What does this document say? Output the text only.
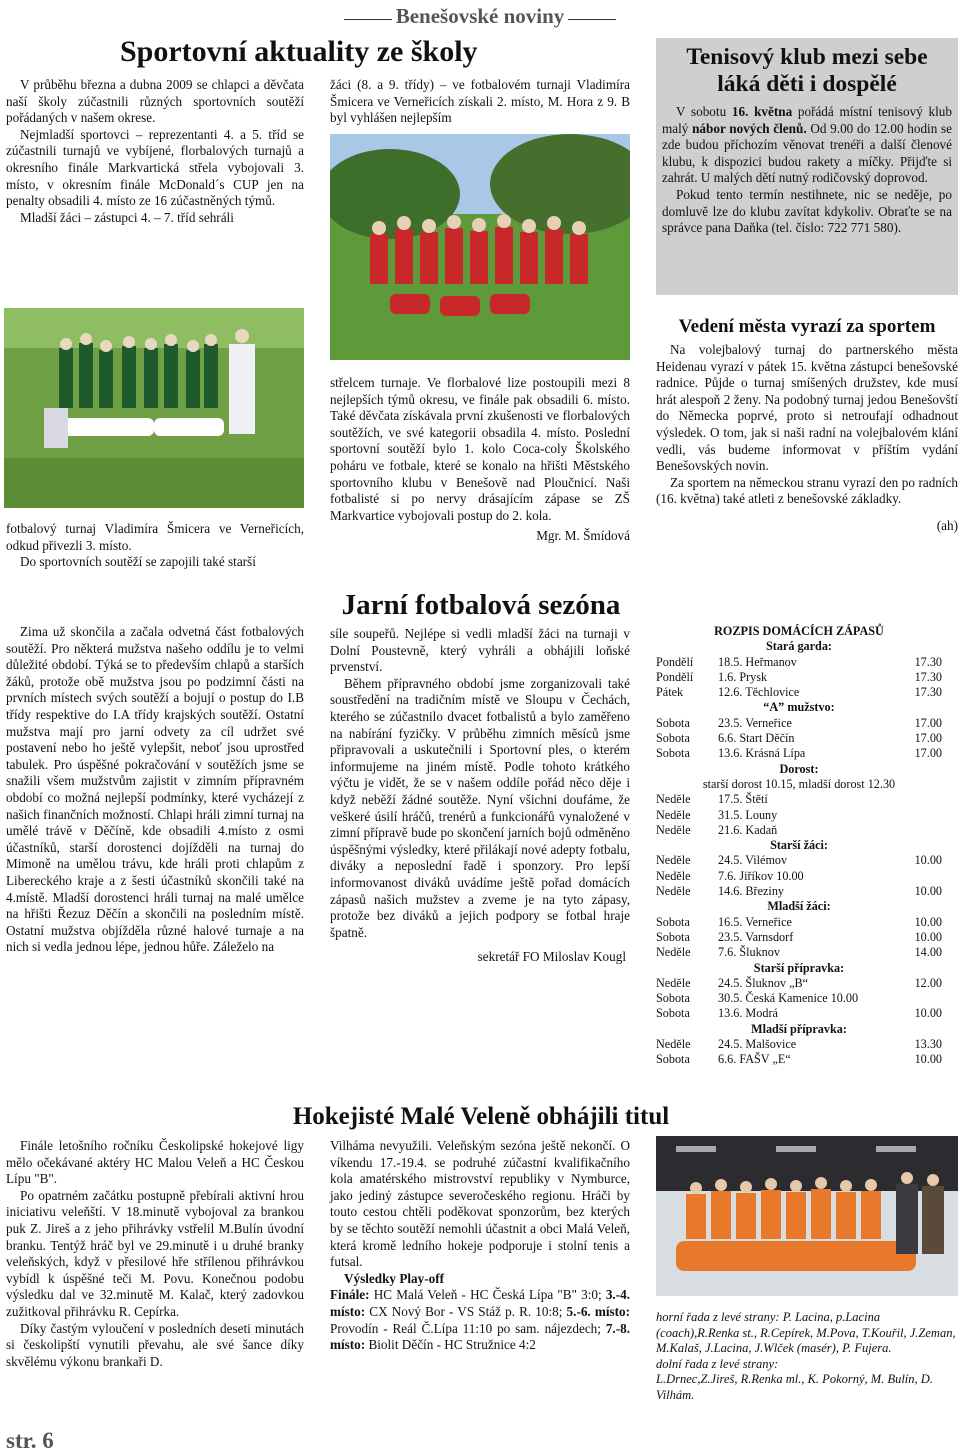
Benešovské noviny
Sportovní aktuality ze školy

V průběhu března a dubna 2009 se chlapci a děvčata naší školy zúčastnili různých sportovních soutěží pořádaných v našem okrese.

Nejmladší sportovci – reprezentanti 4. a 5. tříd se zúčastnili turnajů ve vybíjené, florbalových turnajů a okresního finále Markvartická střela vybojovali 3. místo, v okresním finále McDonald´s CUP jen na penalty obsadili 4. místo ze 16 zúčastněných týmů.

Mladší žáci – zástupci 4. – 7. tříd sehráli

fotbalový turnaj Vladimíra Šmicera ve Verneřicích, odkud přivezli 3. místo.

Do sportovních soutěží se zapojili také starší

žáci (8. a 9. třídy) – ve fotbalovém turnaji Vladimíra Šmicera ve Verneřicích získali 2. místo, M. Hora z 9. B byl vyhlášen nejlepším

střelcem turnaje. Ve florbalové lize postoupili mezi 8 nejlepších týmů okresu, ve finále pak obsadili 6. místo. Také děvčata získávala první zkušenosti ve florbalových soutěžích, ve své kategorii obsadila 4. místo. Poslední sportovní soutěží bylo 1. kolo Coca-coly Školského poháru ve fotbale, které se konalo na hřišti Městského sportovního klubu v Benešově nad Ploučnicí. Naši fotbalisté si po nervy drásajícím zápase se ZŠ Markvartice vybojovali postup do 2. kola.

Mgr. M. Šmídová

Tenisový klub mezi sebe láká děti i dospělé

V sobotu 16. května pořádá místní tenisový klub malý nábor nových členů. Od 9.00 do 12.00 hodin se zde budou příchozím věnovat trenéři a další členové klubu, k dispozici budou rakety a míčky. Přijďte si zahrát. U malých dětí nutný rodičovský doprovod.

Pokud tento termín nestihnete, nic se neděje, po domluvě lze do klubu zavítat kdykoliv. Obraťte se na správce pana Daňka (tel. číslo: 722 771 580).

Vedení města vyrazí za sportem

Na volejbalový turnaj do partnerského města Heidenau vyrazí v pátek 15. května zástupci benešovské radnice. Půjde o turnaj smíšených družstev, kde musí hrát alespoň 2 ženy. Na podobný turnaj jedou Benešovští do Německa poprvé, proto si netroufají odhadnout výsledek. O tom, jak si naši radní na volejbalovém klání vedli, vás budeme informovat v příštím vydání Benešovských novin.

Za sportem na německou stranu vyrazí den po radních (16. května) také atleti z benešovské základky.

(ah)

Jarní fotbalová sezóna

Zima už skončila a začala odvetná část fotbalových soutěží. Pro některá mužstva našeho oddílu je to velmi důležité období. Týká se to především chlapů a starších žáků, protože obě mužstva jsou po podzimní části na prvních místech svých soutěží a bojují o postup do I.B třídy respektive do I.A třídy krajských soutěží. Ostatní mužstva mají pro jarní odvety za cíl udržet své postavení nebo ho ještě vylepšit, neboť jsou uprostřed tabulek. Pro úspěšné pokračování v soutěžích jsme se snažili všem mužstvům zajistit v zimním přípravném období co možná nejlepší podmínky, které vycházejí z našich finančních možností. Chlapi hráli zimní turnaj na umělé trávě v Děčíně, kde obsadili 4.místo z osmi účastníků, starší dorostenci dojížděli na turnaj do Mimoně na umělou trávu, kde hráli proti chlapům z Libereckého kraje a z šesti účastníků skončili také na 4.místě. Mladší dorostenci hráli turnaj na malé umělce na hřišti Řezuz Děčín a skončili na posledním místě. Ostatní mužstva objížděla různé halové turnaje a na nich si vedla jednou lépe, jednou hůře. Záleželo na

síle soupeřů. Nejlépe si vedli mladší žáci na turnaji v Dolní Poustevně, který vyhráli a obhájili loňské prvenství.

Během přípravného období jsme zorganizovali také soustředění na tradičním místě ve Sloupu v Čechách, kterého se zúčastnilo dvacet fotbalistů a bylo zaměřeno na nabírání fyzičky. V průběhu zimních měsíců jsme připravovali a uskutečnili i Sportovní ples, o kterém informujeme na jiném místě. Podle tohoto krátkého výčtu je vidět, že se v našem oddíle pořád něco děje i když neběží žádné soutěže. Nyní všichni doufáme, že veškeré úsilí hráčů, trenérů a funkcionářů vynaložené v zimní přípravě bude po skončení jarních bojů odměněno úspěšnými výsledky, které přilákají nové adepty fotbalu, diváky a neposlední řadě i sponzory. Pro lepší informovanost diváků uvádíme ještě pořad domácích zápasů našich mužstev a zveme je na tyto zápasy, protože bez diváků a jejich podpory se fotbal hraje špatně.

sekretář FO Miloslav Kougl

ROZPIS DOMÁCÍCH ZÁPASŮ
Stará garda:
Pondělí	18.5. Heřmanov	17.30
Pondělí	1.6. Prysk	17.30
Pátek	12.6. Těchlovice	17.30
“A” mužstvo:
Sobota	23.5. Verneřice	17.00
Sobota	6.6. Start Děčín	17.00
Sobota	13.6. Krásná Lípa	17.00
Dorost:
starší dorost 10.15, mladší dorost 12.30
Neděle	17.5. Štětí
Neděle	31.5. Louny
Neděle	21.6. Kadaň
Starší žáci:
Neděle	24.5. Vilémov	10.00
Neděle	7.6. Jiříkov 10.00
Neděle	14.6. Březiny	10.00
Mladší žáci:
Sobota	16.5. Verneřice	10.00
Sobota	23.5. Varnsdorf	10.00
Neděle	7.6. Šluknov	14.00
Starší přípravka:
Neděle	24.5. Šluknov „B“	12.00
Sobota	30.5. Česká Kamenice 10.00
Sobota	13.6. Modrá	10.00
Mladší přípravka:
Neděle	24.5. Malšovice	13.30
Sobota	6.6. FAŠV „E“	10.00
Hokejisté Malé Veleně obhájili titul

Finále letošního ročníku Českolipské hokejové ligy mělo očekávané aktéry HC Malou Veleň a HC Českou Lípu "B".

Po opatrném začátku postupně přebírali aktivní hrou iniciativu veleňští. V 18.minutě vybojoval za brankou puk Z. Jireš a z jeho přihrávky vstřelil M.Bulín úvodní branku. Tentýž hráč byl ve 29.minutě i u druhé branky veleňských, když v přesilové hře střílenou přihrávkou vybídl k úspěšné teči M. Povu. Konečnou podobu výsledku dal ve 32.minutě M. Kalač, který zadovkou zužitkoval přihrávku R. Cepírka.

Díky častým vyloučení v posledních deseti minutách si českolipští vynutili převahu, ale své šance díky skvělému výkonu brankaři D.

Vilháma nevyužili. Veleňským sezóna ještě nekončí. O víkendu 17.-19.4. se podruhé zúčastní kvalifikačního kola amatérského mistrovství republiky v Nymburce, jako jediný zástupce severočeského regionu. Hráči by touto cestou chtěli poděkovat sponzorům, bez kterých by se těchto soutěží nemohli účastnit a obci Malá Veleň, která kromě ledního hokeje podporuje i stolní tenis a futsal.

Výsledky Play-off

Finále: HC Malá Veleň - HC Česká Lípa "B" 3:0; 3.-4. místo: CX Nový Bor - VS Stáž p. R. 10:8; 5.-6. místo: Provodín - Reál Č.Lípa 11:10 po sam. nájezdech; 7.-8. místo: Biolit Děčín - HC Stružnice 4:2

horní řada z levé strany: P. Lacina, p.Lacina (coach),R.Renka st., R.Cepírek, M.Pova, T.Kouřil, J.Zeman, M.Kalaš, J.Lacina, J.Wlček (masér), P. Fujera.
dolní řada z levé strany:
L.Drnec,Z.Jireš, R.Renka ml., K. Pokorný, M. Bulín, D. Vilhám.
str. 6
